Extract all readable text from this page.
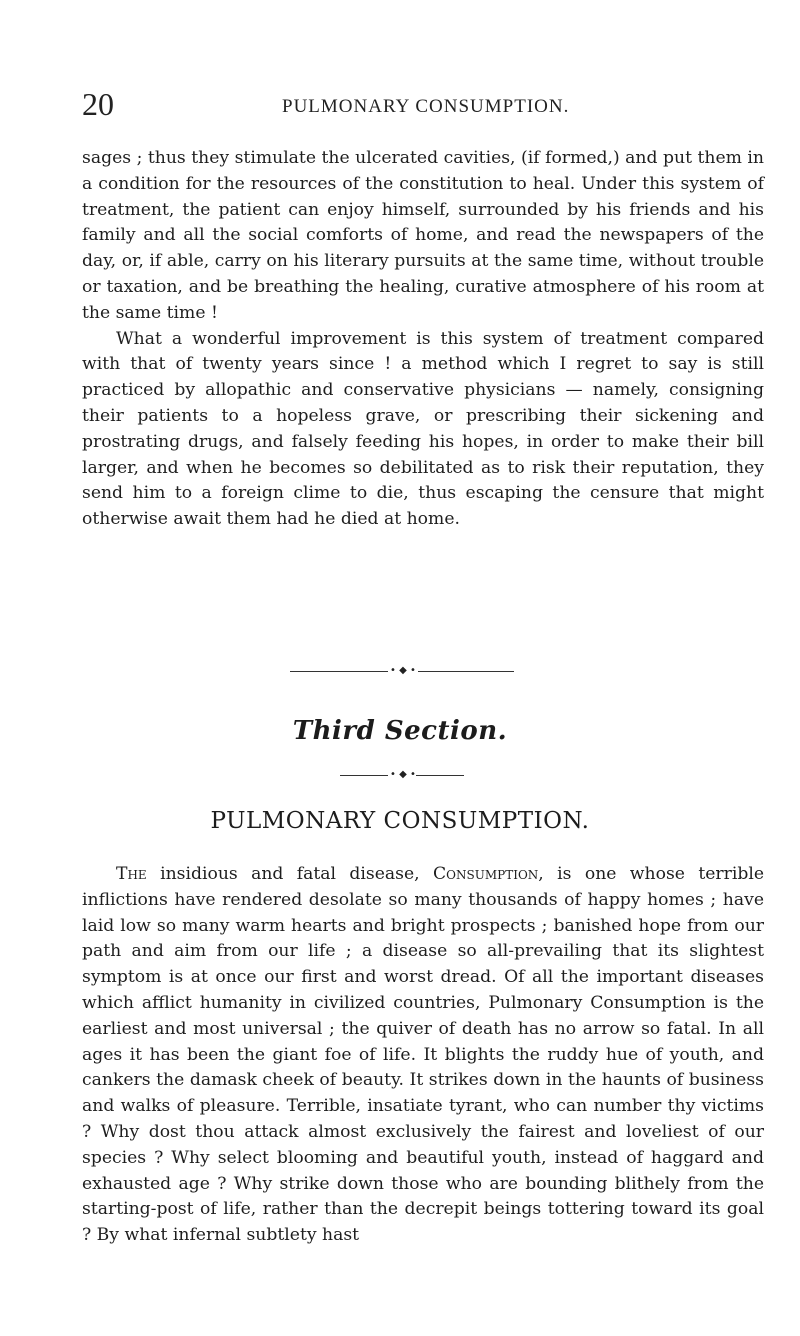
20	PULMONARY CONSUMPTION.

sages ; thus they stimulate the ulcerated cavities, (if formed,) and put them in a condition for the resources of the constitution to heal. Under this system of treatment, the patient can enjoy himself, surrounded by his friends and his family and all the social comforts of home, and read the newspapers of the day, or, if able, carry on his literary pursuits at the same time, without trouble or taxation, and be breathing the healing, curative atmosphere of his room at the same time !

What a wonderful improvement is this system of treatment compared with that of twenty years since ! a method which I regret to say is still practiced by allopathic and conservative physicians — namely, consigning their patients to a hopeless grave, or prescribing their sickening and prostrating drugs, and falsely feeding his hopes, in order to make their bill larger, and when he becomes so debilitated as to risk their reputation, they send him to a foreign clime to die, thus escaping the censure that might otherwise await them had he died at home.

• ◆ •
Third Section.
• ◆ •
PULMONARY CONSUMPTION.

The insidious and fatal disease, Consumption, is one whose terrible inflictions have rendered desolate so many thousands of happy homes ; have laid low so many warm hearts and bright prospects ; banished hope from our path and aim from our life ; a disease so all-prevailing that its slightest symptom is at once our first and worst dread. Of all the important diseases which afflict humanity in civilized countries, Pulmonary Consumption is the earliest and most universal ; the quiver of death has no arrow so fatal. In all ages it has been the giant foe of life. It blights the ruddy hue of youth, and cankers the damask cheek of beauty. It strikes down in the haunts of business and walks of pleasure. Terrible, insatiate tyrant, who can number thy victims ? Why dost thou attack almost exclusively the fairest and loveliest of our species ? Why select blooming and beautiful youth, instead of haggard and exhausted age ? Why strike down those who are bounding blithely from the starting-post of life, rather than the decrepit beings tottering toward its goal ? By what infernal subtlety hast
